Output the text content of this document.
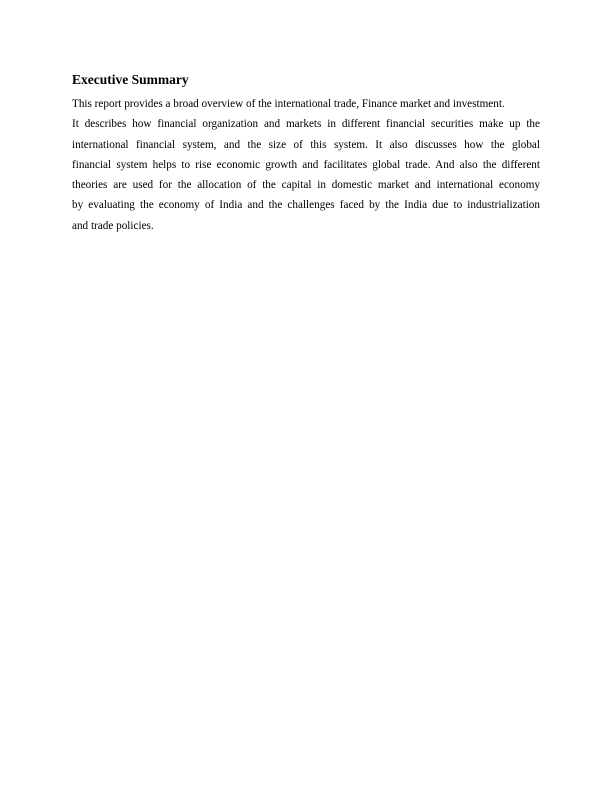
Executive Summary

This report provides a broad overview of the international trade, Finance market and investment.
It describes how financial organization and markets in different financial securities make up the
international financial system, and the size of this system. It also discusses how the global
financial system helps to rise economic growth and facilitates global trade. And also the different
theories are used for the allocation of the capital in domestic market and international economy
by evaluating the economy of India and the challenges faced by the India due to industrialization
and trade policies.
